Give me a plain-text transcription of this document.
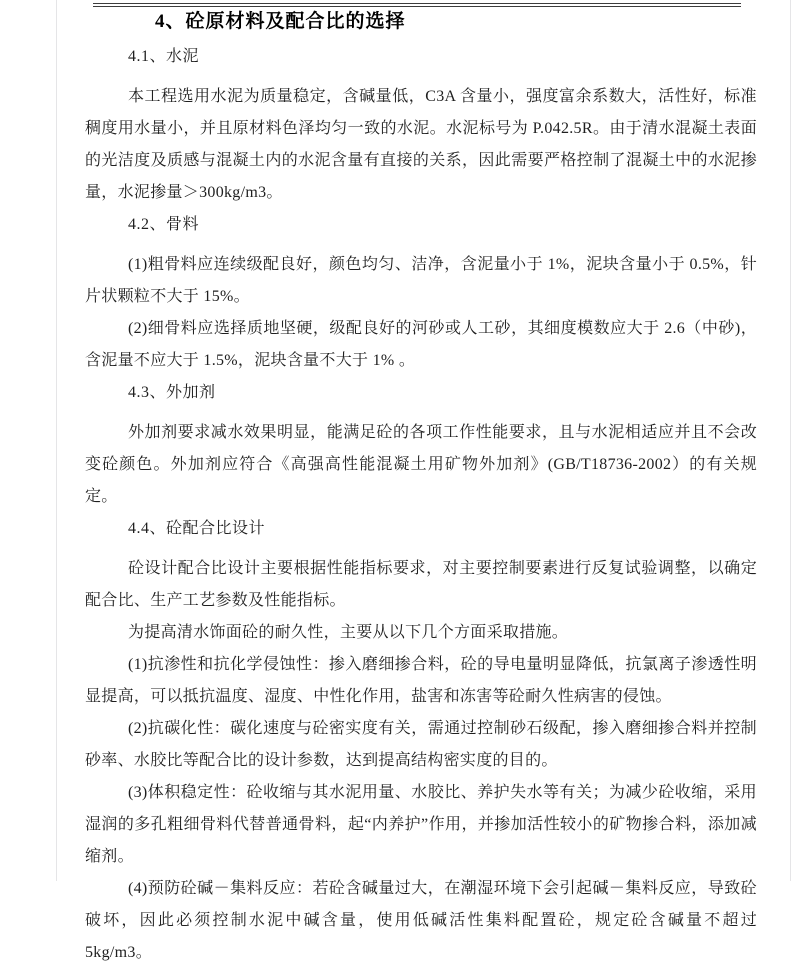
4、砼原材料及配合比的选择
4.1、水泥

本工程选用水泥为质量稳定，含碱量低，C3A 含量小，强度富余系数大，活性好，标准稠度用水量小，并且原材料色泽均匀一致的水泥。水泥标号为 P.042.5R。由于清水混凝土表面的光洁度及质感与混凝土内的水泥含量有直接的关系，因此需要严格控制了混凝土中的水泥掺量，水泥掺量＞300kg/m3。

4.2、骨料

(1)粗骨料应连续级配良好，颜色均匀、洁净，含泥量小于 1%，泥块含量小于 0.5%，针片状颗粒不大于 15%。

(2)细骨料应选择质地坚硬，级配良好的河砂或人工砂，其细度模数应大于 2.6（中砂)，含泥量不应大于 1.5%，泥块含量不大于 1% 。

4.3、外加剂

外加剂要求减水效果明显，能满足砼的各项工作性能要求，且与水泥相适应并且不会改变砼颜色。外加剂应符合《高强高性能混凝土用矿物外加剂》(GB/T18736-2002）的有关规定。

4.4、砼配合比设计

砼设计配合比设计主要根据性能指标要求，对主要控制要素进行反复试验调整，以确定配合比、生产工艺参数及性能指标。

为提高清水饰面砼的耐久性，主要从以下几个方面采取措施。

(1)抗渗性和抗化学侵蚀性：掺入磨细掺合料，砼的导电量明显降低，抗氯离子渗透性明显提高，可以抵抗温度、湿度、中性化作用，盐害和冻害等砼耐久性病害的侵蚀。

(2)抗碳化性：碳化速度与砼密实度有关，需通过控制砂石级配，掺入磨细掺合料并控制砂率、水胶比等配合比的设计参数，达到提高结构密实度的目的。

(3)体积稳定性：砼收缩与其水泥用量、水胶比、养护失水等有关；为减少砼收缩，采用湿润的多孔粗细骨料代替普通骨料，起“内养护”作用，并掺加活性较小的矿物掺合料，添加减缩剂。

(4)预防砼碱－集料反应：若砼含碱量过大，在潮湿环境下会引起碱－集料反应，导致砼破坏，因此必须控制水泥中碱含量，使用低碱活性集料配置砼，规定砼含碱量不超过 5kg/m3。
